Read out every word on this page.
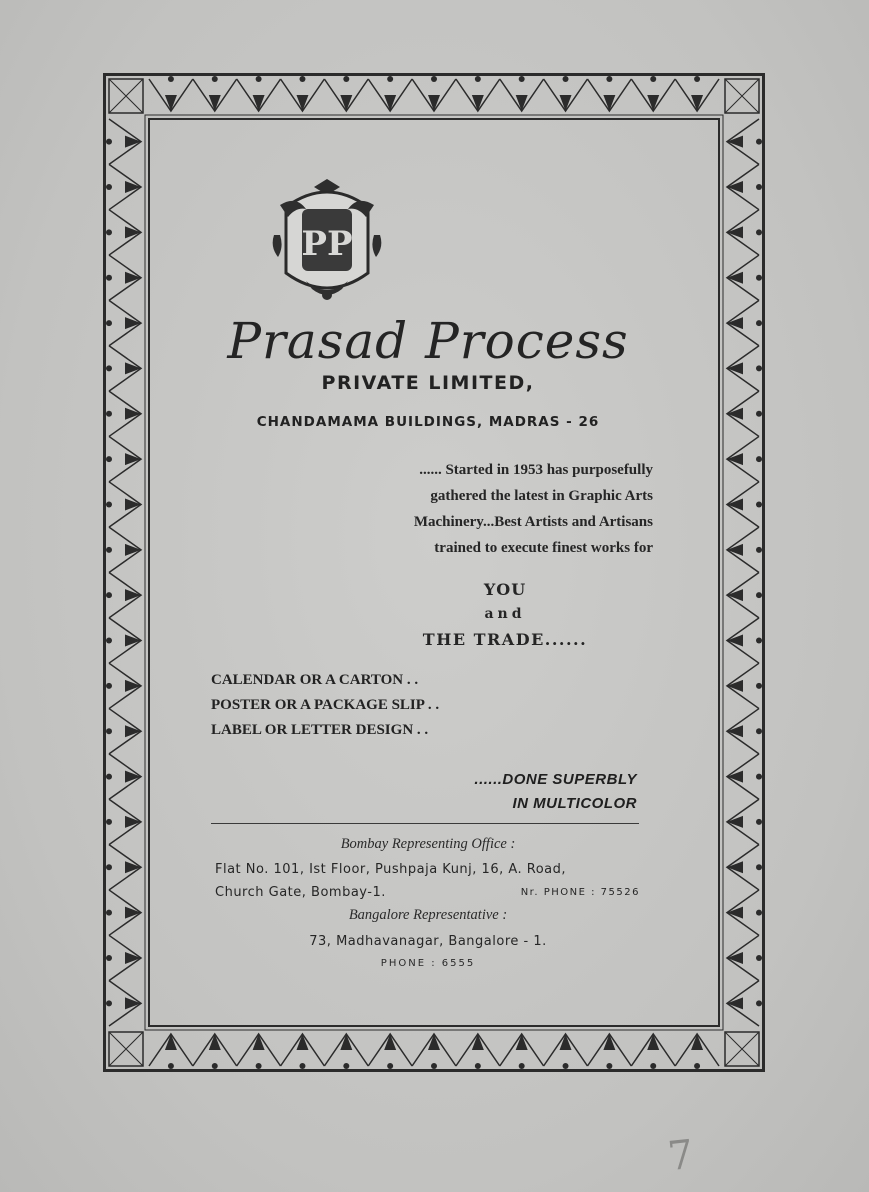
PP
Prasad Process
PRIVATE LIMITED,
CHANDAMAMA BUILDINGS, MADRAS - 26
...... Started in 1953 has purposefully
gathered the latest in Graphic Arts
Machinery...Best Artists and Artisans
trained to execute finest works for
YOU
and
THE TRADE......
CALENDAR OR A CARTON . .
POSTER OR A PACKAGE SLIP . .
LABEL OR LETTER DESIGN . .
......DONE SUPERBLY
IN MULTICOLOR
Bombay Representing Office :
Flat No. 101, Ist Floor, Pushpaja Kunj, 16, A. Road,
Church Gate, Bombay-1.	Nr. PHONE : 75526
Bangalore Representative :
73, Madhavanagar, Bangalore - 1.
PHONE : 6555
7
